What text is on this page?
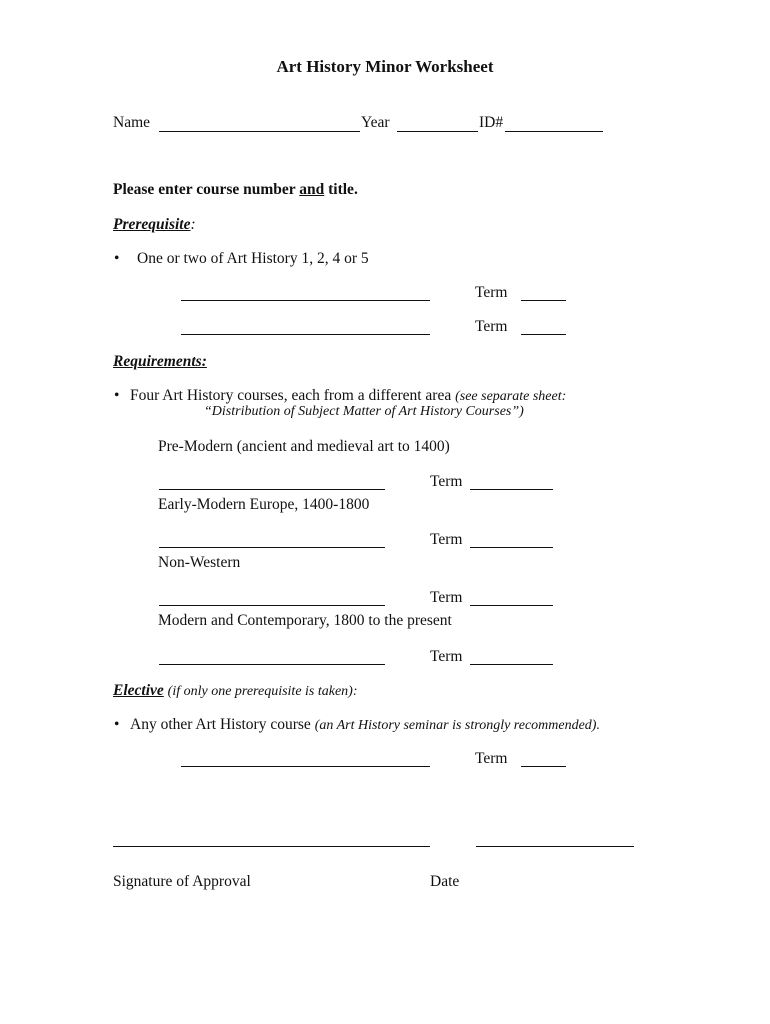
Art History Minor Worksheet
Name	Year	ID#
Please enter course number and title.
Prerequisite:
• One or two of Art History 1, 2, 4 or 5
Term
Term
Requirements:
• Four Art History courses, each from a different area (see separate sheet:
“Distribution of Subject Matter of Art History Courses”)
Pre-Modern (ancient and medieval art to 1400)
Term
Early-Modern Europe, 1400-1800
Term
Non-Western
Term
Modern and Contemporary, 1800 to the present
Term
Elective (if only one prerequisite is taken):
• Any other Art History course (an Art History seminar is strongly recommended).
Term
Signature of Approval	Date
